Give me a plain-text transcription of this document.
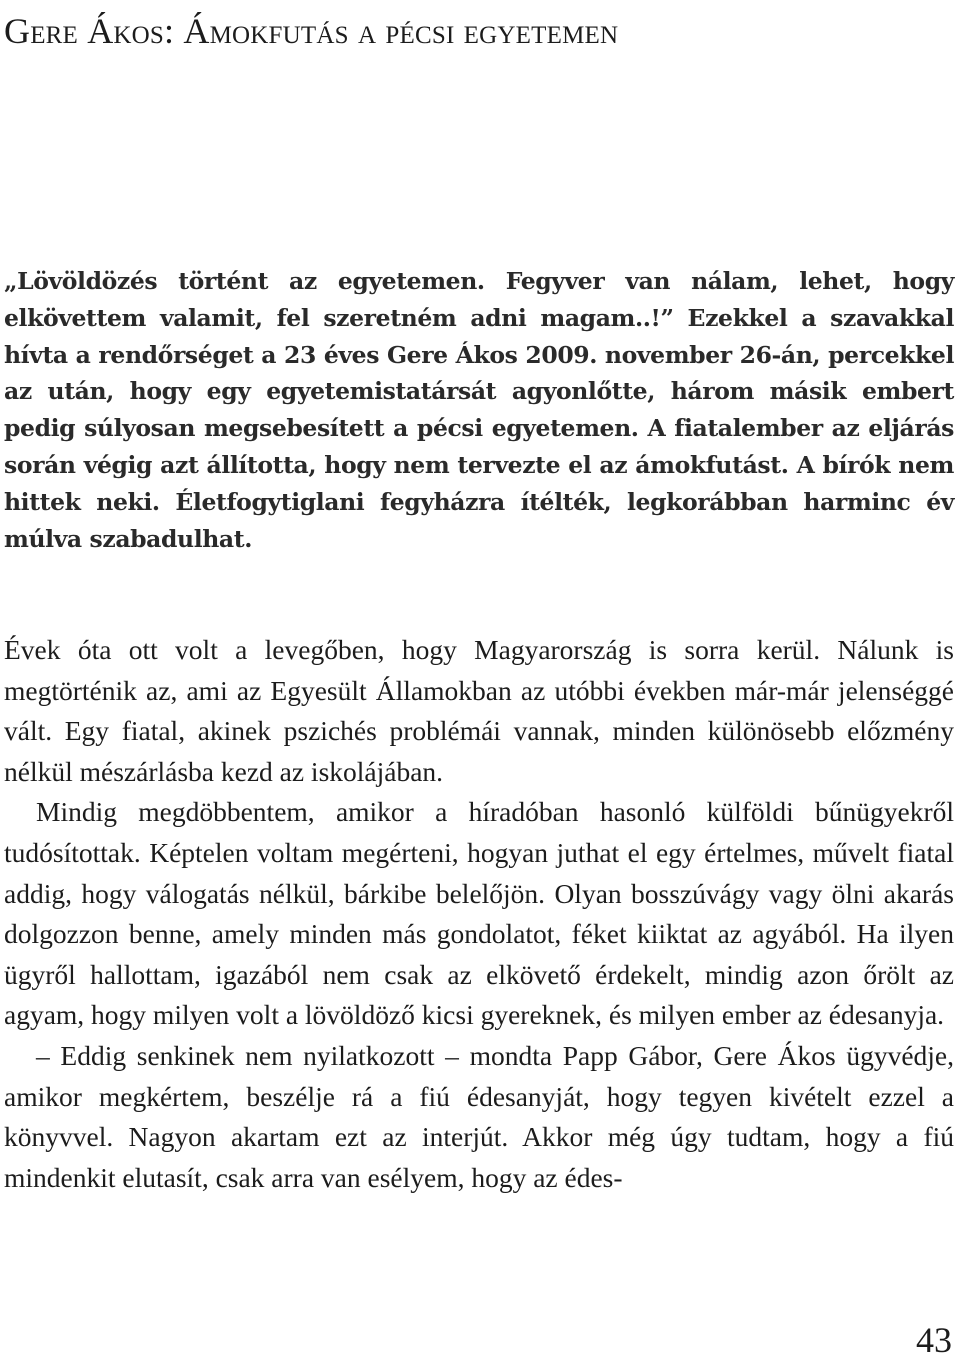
Gere Ákos: Ámokfutás a pécsi egyetemen

„Lövöldözés történt az egyetemen. Fegyver van nálam, lehet, hogy elkövettem valamit, fel szeretném adni magam..!” Ezekkel a szavakkal hívta a rendőrséget a 23 éves Gere Ákos 2009. november 26-án, percekkel az után, hogy egy egyetemistatársát agyonlőtte, három másik embert pedig súlyosan megsebesített a pécsi egyetemen. A fiatalember az eljárás során végig azt állította, hogy nem tervezte el az ámokfutást. A bírók nem hittek neki. Életfogytiglani fegyházra ítélték, legkorábban harminc év múlva szabadulhat.

Évek óta ott volt a levegőben, hogy Magyarország is sorra kerül. Nálunk is megtörténik az, ami az Egyesült Államokban az utóbbi években már-már jelenséggé vált. Egy fiatal, akinek pszichés problémái vannak, minden különösebb előzmény nélkül mészárlásba kezd az iskolájában.

Mindig megdöbbentem, amikor a híradóban hasonló külföldi bűnügyekről tudósítottak. Képtelen voltam megérteni, hogyan juthat el egy értelmes, művelt fiatal addig, hogy válogatás nélkül, bárkibe belelőjön. Olyan bosszúvágy vagy ölni akarás dolgozzon benne, amely minden más gondolatot, féket kiiktat az agyából. Ha ilyen ügyről hallottam, igazából nem csak az elkövető érdekelt, mindig azon őrölt az agyam, hogy milyen volt a lövöldöző kicsi gyereknek, és milyen ember az édesanyja.

– Eddig senkinek nem nyilatkozott – mondta Papp Gábor, Gere Ákos ügyvédje, amikor megkértem, beszélje rá a fiú édesanyját, hogy tegyen kivételt ezzel a könyvvel. Nagyon akartam ezt az interjút. Akkor még úgy tudtam, hogy a fiú mindenkit elutasít, csak arra van esélyem, hogy az édes-

43
